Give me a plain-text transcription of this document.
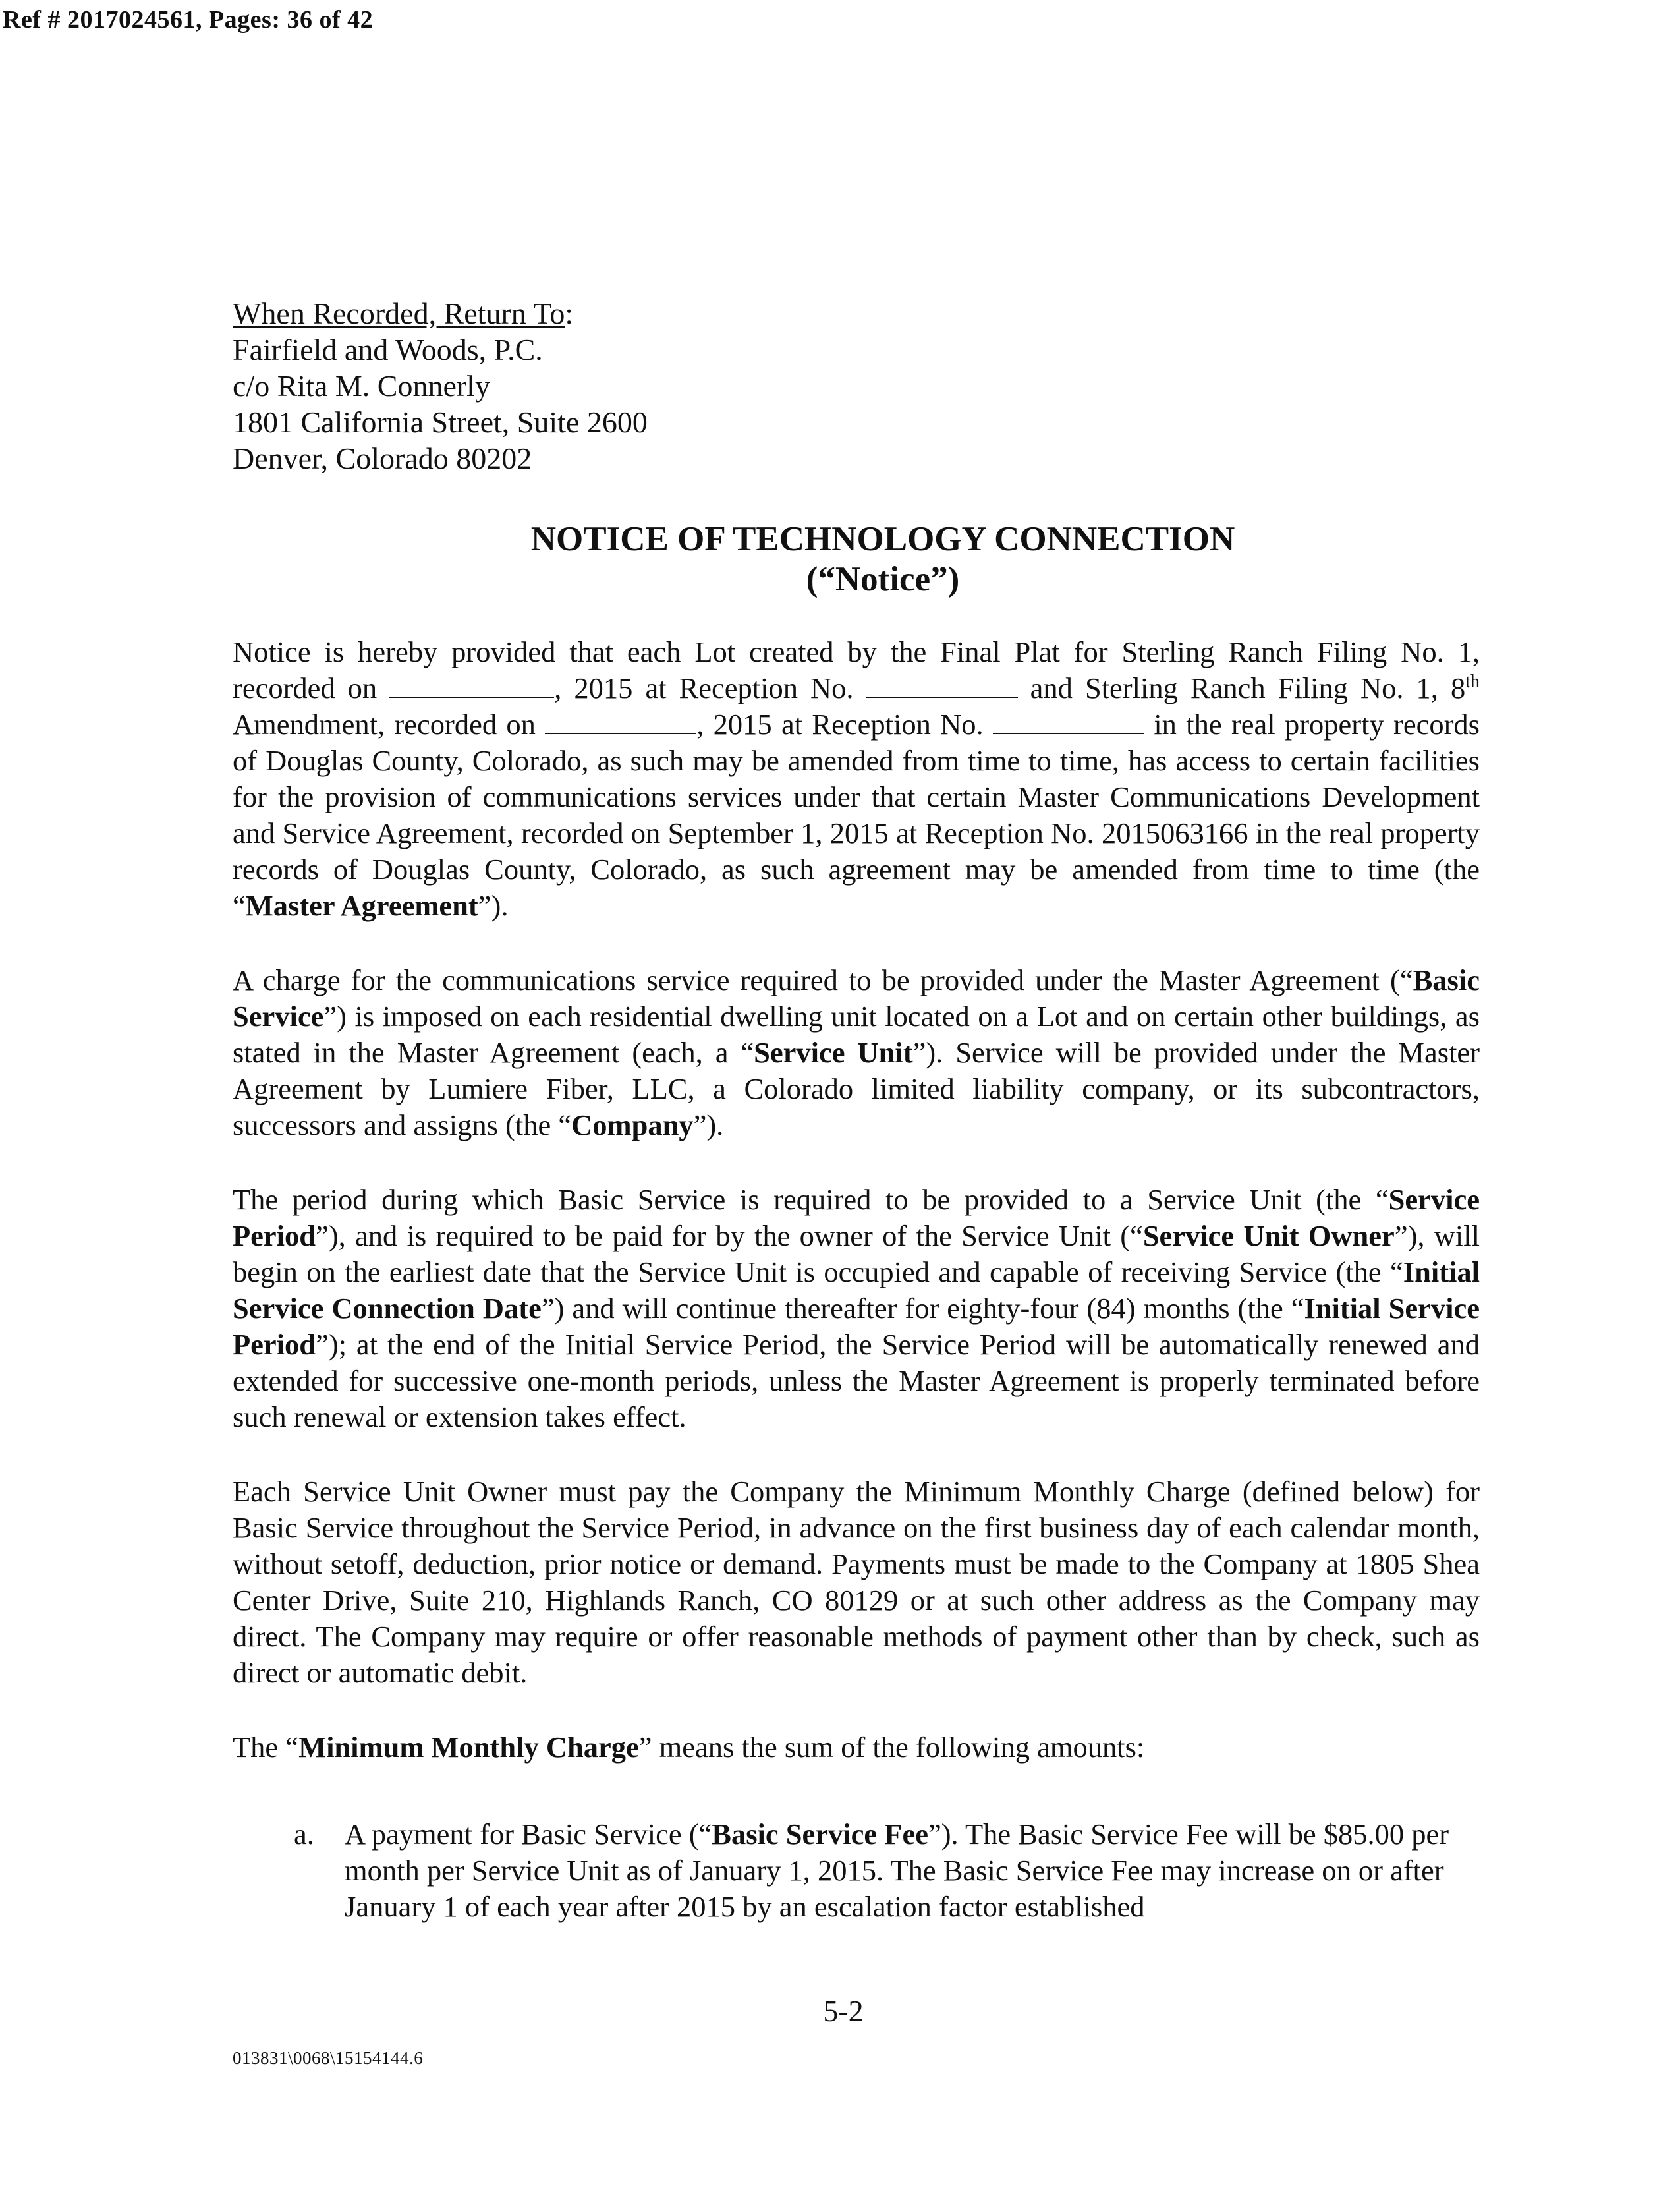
Ref # 2017024561, Pages: 36 of 42
When Recorded, Return To:
Fairfield and Woods, P.C.
c/o Rita M. Connerly
1801 California Street, Suite 2600
Denver, Colorado 80202
NOTICE OF TECHNOLOGY CONNECTION
(“Notice”)

Notice is hereby provided that each Lot created by the Final Plat for Sterling Ranch Filing No. 1, recorded on	, 2015 at Reception No.	and Sterling Ranch Filing No. 1, 8th Amendment, recorded on	, 2015 at Reception No.	in the real property records of Douglas County, Colorado, as such may be amended from time to time, has access to certain facilities for the provision of communications services under that certain Master Communications Development and Service Agreement, recorded on September 1, 2015 at Reception No. 2015063166 in the real property records of Douglas County, Colorado, as such agreement may be amended from time to time (the “Master Agreement”).

A charge for the communications service required to be provided under the Master Agreement (“Basic Service”) is imposed on each residential dwelling unit located on a Lot and on certain other buildings, as stated in the Master Agreement (each, a “Service Unit”). Service will be provided under the Master Agreement by Lumiere Fiber, LLC, a Colorado limited liability company, or its subcontractors, successors and assigns (the “Company”).

The period during which Basic Service is required to be provided to a Service Unit (the “Service Period”), and is required to be paid for by the owner of the Service Unit (“Service Unit Owner”), will begin on the earliest date that the Service Unit is occupied and capable of receiving Service (the “Initial Service Connection Date”) and will continue thereafter for eighty-four (84) months (the “Initial Service Period”); at the end of the Initial Service Period, the Service Period will be automatically renewed and extended for successive one-month periods, unless the Master Agreement is properly terminated before such renewal or extension takes effect.

Each Service Unit Owner must pay the Company the Minimum Monthly Charge (defined below) for Basic Service throughout the Service Period, in advance on the first business day of each calendar month, without setoff, deduction, prior notice or demand. Payments must be made to the Company at 1805 Shea Center Drive, Suite 210, Highlands Ranch, CO 80129 or at such other address as the Company may direct. The Company may require or offer reasonable methods of payment other than by check, such as direct or automatic debit.

The “Minimum Monthly Charge” means the sum of the following amounts:

a. A payment for Basic Service (“Basic Service Fee”). The Basic Service Fee will be $85.00 per month per Service Unit as of January 1, 2015. The Basic Service Fee may increase on or after January 1 of each year after 2015 by an escalation factor established
5-2
013831\0068\15154144.6
